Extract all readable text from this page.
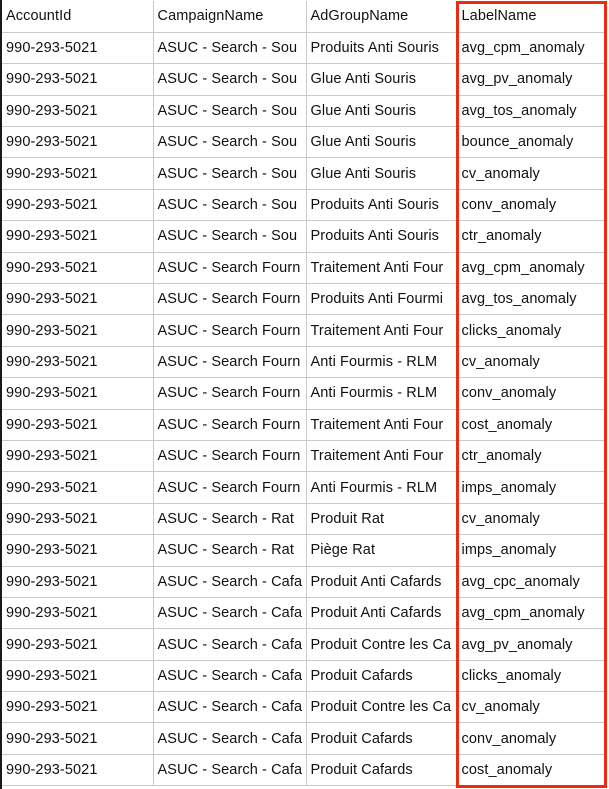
AccountId	CampaignName	AdGroupName	LabelName
990-293-5021	ASUC - Search - Sou	Produits Anti Souris	avg_cpm_anomaly
990-293-5021	ASUC - Search - Sou	Glue Anti Souris	avg_pv_anomaly
990-293-5021	ASUC - Search - Sou	Glue Anti Souris	avg_tos_anomaly
990-293-5021	ASUC - Search - Sou	Glue Anti Souris	bounce_anomaly
990-293-5021	ASUC - Search - Sou	Glue Anti Souris	cv_anomaly
990-293-5021	ASUC - Search - Sou	Produits Anti Souris	conv_anomaly
990-293-5021	ASUC - Search - Sou	Produits Anti Souris	ctr_anomaly
990-293-5021	ASUC - Search Fourn	Traitement Anti Four	avg_cpm_anomaly
990-293-5021	ASUC - Search Fourn	Produits Anti Fourmi	avg_tos_anomaly
990-293-5021	ASUC - Search Fourn	Traitement Anti Four	clicks_anomaly
990-293-5021	ASUC - Search Fourn	Anti Fourmis - RLM	cv_anomaly
990-293-5021	ASUC - Search Fourn	Anti Fourmis - RLM	conv_anomaly
990-293-5021	ASUC - Search Fourn	Traitement Anti Four	cost_anomaly
990-293-5021	ASUC - Search Fourn	Traitement Anti Four	ctr_anomaly
990-293-5021	ASUC - Search Fourn	Anti Fourmis - RLM	imps_anomaly
990-293-5021	ASUC - Search - Rat	Produit Rat	cv_anomaly
990-293-5021	ASUC - Search - Rat	Piège Rat	imps_anomaly
990-293-5021	ASUC - Search - Cafa	Produit Anti Cafards	avg_cpc_anomaly
990-293-5021	ASUC - Search - Cafa	Produit Anti Cafards	avg_cpm_anomaly
990-293-5021	ASUC - Search - Cafa	Produit Contre les Ca	avg_pv_anomaly
990-293-5021	ASUC - Search - Cafa	Produit Cafards	clicks_anomaly
990-293-5021	ASUC - Search - Cafa	Produit Contre les Ca	cv_anomaly
990-293-5021	ASUC - Search - Cafa	Produit Cafards	conv_anomaly
990-293-5021	ASUC - Search - Cafa	Produit Cafards	cost_anomaly
